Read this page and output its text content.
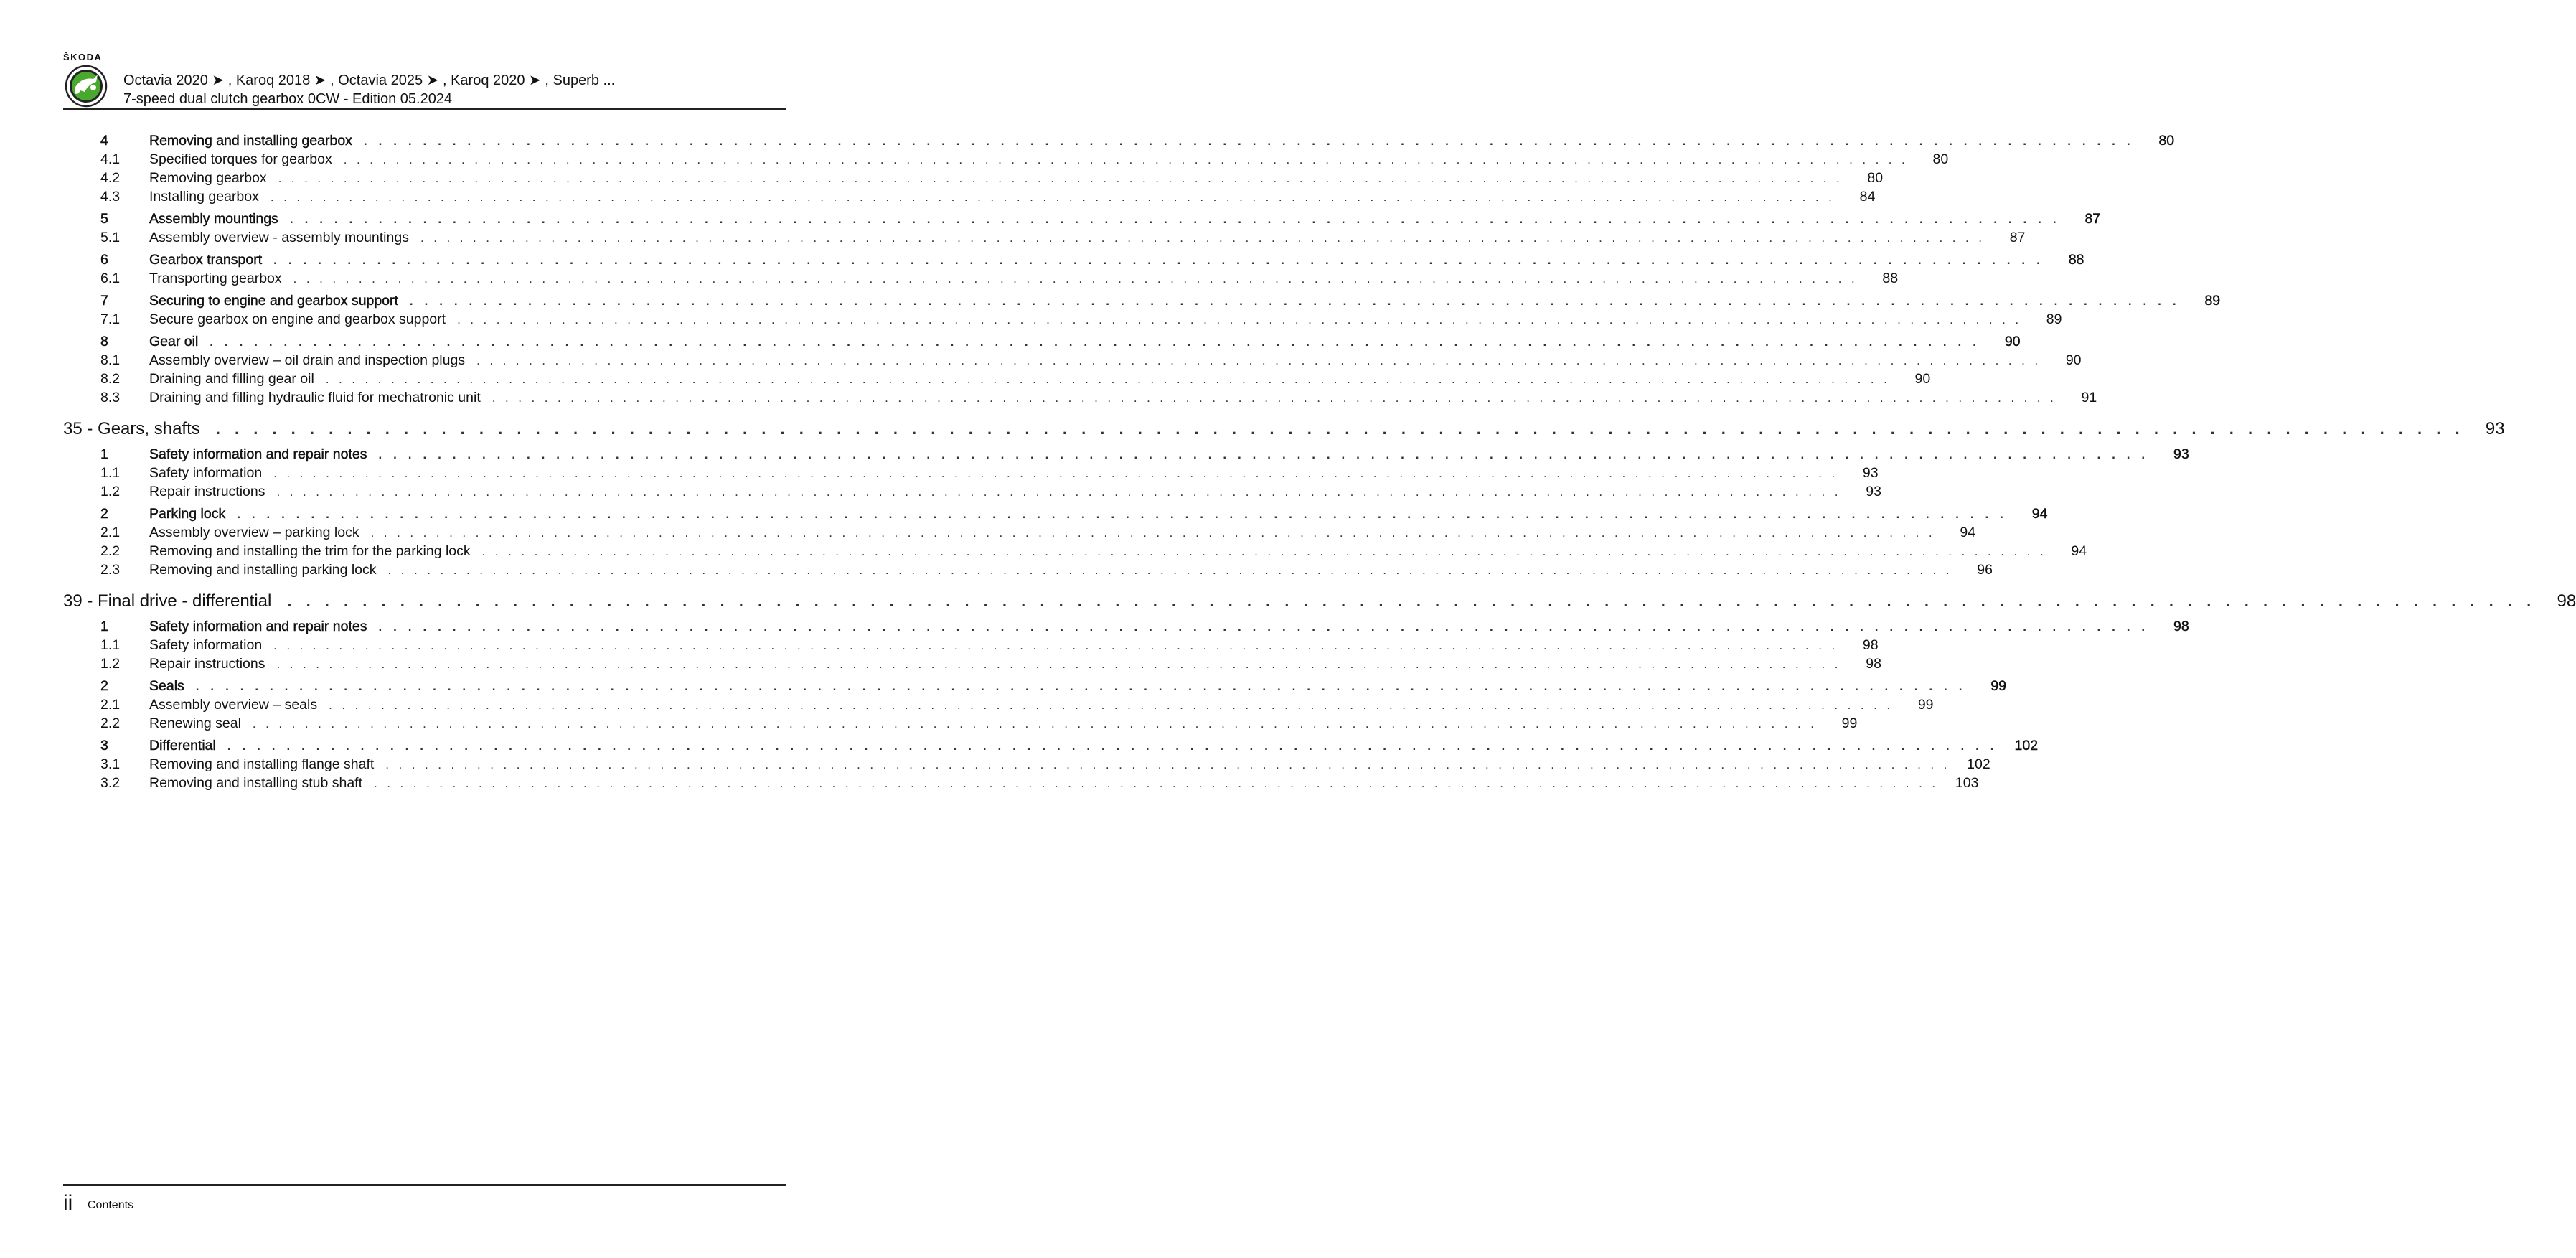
ŠKODA
Octavia 2020 ➤ , Karoq 2018 ➤ , Octavia 2025 ➤ , Karoq 2020 ➤ , Superb ...
7-speed dual clutch gearbox 0CW - Edition 05.2024
4	Removing and installing gearbox . . . . . . . . . . . . . . . . . . . . . . . . . . . . . . . . . . . . . . . . . . . . . . . . . . . . . . . . . . . . . . . . . . . . . . . . . . . . . . . . . . . . . . . . . . . . . . . . . . . . . . . . . . . . . . . . . . . . . . . .	80
4.1	Specified torques for gearbox . . . . . . . . . . . . . . . . . . . . . . . . . . . . . . . . . . . . . . . . . . . . . . . . . . . . . . . . . . . . . . . . . . . . . . . . . . . . . . . . . . . . . . . . . . . . . . . . . . . . . . . . . . . . . . . . . . . . . . . .	80
4.2	Removing gearbox . . . . . . . . . . . . . . . . . . . . . . . . . . . . . . . . . . . . . . . . . . . . . . . . . . . . . . . . . . . . . . . . . . . . . . . . . . . . . . . . . . . . . . . . . . . . . . . . . . . . . . . . . . . . . . . . . . . . . . . .	80
4.3	Installing gearbox . . . . . . . . . . . . . . . . . . . . . . . . . . . . . . . . . . . . . . . . . . . . . . . . . . . . . . . . . . . . . . . . . . . . . . . . . . . . . . . . . . . . . . . . . . . . . . . . . . . . . . . . . . . . . . . . . . . . . . . .	84
5	Assembly mountings . . . . . . . . . . . . . . . . . . . . . . . . . . . . . . . . . . . . . . . . . . . . . . . . . . . . . . . . . . . . . . . . . . . . . . . . . . . . . . . . . . . . . . . . . . . . . . . . . . . . . . . . . . . . . . . . . . . . . . . .	87
5.1	Assembly overview - assembly mountings . . . . . . . . . . . . . . . . . . . . . . . . . . . . . . . . . . . . . . . . . . . . . . . . . . . . . . . . . . . . . . . . . . . . . . . . . . . . . . . . . . . . . . . . . . . . . . . . . . . . . . . . . . . . . . . . . . . . . . . .	87
6	Gearbox transport . . . . . . . . . . . . . . . . . . . . . . . . . . . . . . . . . . . . . . . . . . . . . . . . . . . . . . . . . . . . . . . . . . . . . . . . . . . . . . . . . . . . . . . . . . . . . . . . . . . . . . . . . . . . . . . . . . . . . . . .	88
6.1	Transporting gearbox . . . . . . . . . . . . . . . . . . . . . . . . . . . . . . . . . . . . . . . . . . . . . . . . . . . . . . . . . . . . . . . . . . . . . . . . . . . . . . . . . . . . . . . . . . . . . . . . . . . . . . . . . . . . . . . . . . . . . . . .	88
7	Securing to engine and gearbox support . . . . . . . . . . . . . . . . . . . . . . . . . . . . . . . . . . . . . . . . . . . . . . . . . . . . . . . . . . . . . . . . . . . . . . . . . . . . . . . . . . . . . . . . . . . . . . . . . . . . . . . . . . . . . . . . . . . . . . . .	89
7.1	Secure gearbox on engine and gearbox support . . . . . . . . . . . . . . . . . . . . . . . . . . . . . . . . . . . . . . . . . . . . . . . . . . . . . . . . . . . . . . . . . . . . . . . . . . . . . . . . . . . . . . . . . . . . . . . . . . . . . . . . . . . . . . . . . . . . . . . .	89
8	Gear oil . . . . . . . . . . . . . . . . . . . . . . . . . . . . . . . . . . . . . . . . . . . . . . . . . . . . . . . . . . . . . . . . . . . . . . . . . . . . . . . . . . . . . . . . . . . . . . . . . . . . . . . . . . . . . . . . . . . . . . . .	90
8.1	Assembly overview – oil drain and inspection plugs . . . . . . . . . . . . . . . . . . . . . . . . . . . . . . . . . . . . . . . . . . . . . . . . . . . . . . . . . . . . . . . . . . . . . . . . . . . . . . . . . . . . . . . . . . . . . . . . . . . . . . . . . . . . . . . . . . . . . . . .	90
8.2	Draining and filling gear oil . . . . . . . . . . . . . . . . . . . . . . . . . . . . . . . . . . . . . . . . . . . . . . . . . . . . . . . . . . . . . . . . . . . . . . . . . . . . . . . . . . . . . . . . . . . . . . . . . . . . . . . . . . . . . . . . . . . . . . . .	90
8.3	Draining and filling hydraulic fluid for mechatronic unit . . . . . . . . . . . . . . . . . . . . . . . . . . . . . . . . . . . . . . . . . . . . . . . . . . . . . . . . . . . . . . . . . . . . . . . . . . . . . . . . . . . . . . . . . . . . . . . . . . . . . . . . . . . . . . . . . . . . . . . .	91
35 - Gears, shafts . . . . . . . . . . . . . . . . . . . . . . . . . . . . . . . . . . . . . . . . . . . . . . . . . . . . . . . . . . . . . . . . . . . . . . . . . . . . . . . . . . . . . . . . . . . . . . . . . . . . . . . . . . . . . . . . . . . . . . . .	93
1	Safety information and repair notes . . . . . . . . . . . . . . . . . . . . . . . . . . . . . . . . . . . . . . . . . . . . . . . . . . . . . . . . . . . . . . . . . . . . . . . . . . . . . . . . . . . . . . . . . . . . . . . . . . . . . . . . . . . . . . . . . . . . . . . .	93
1.1	Safety information . . . . . . . . . . . . . . . . . . . . . . . . . . . . . . . . . . . . . . . . . . . . . . . . . . . . . . . . . . . . . . . . . . . . . . . . . . . . . . . . . . . . . . . . . . . . . . . . . . . . . . . . . . . . . . . . . . . . . . . .	93
1.2	Repair instructions . . . . . . . . . . . . . . . . . . . . . . . . . . . . . . . . . . . . . . . . . . . . . . . . . . . . . . . . . . . . . . . . . . . . . . . . . . . . . . . . . . . . . . . . . . . . . . . . . . . . . . . . . . . . . . . . . . . . . . . .	93
2	Parking lock . . . . . . . . . . . . . . . . . . . . . . . . . . . . . . . . . . . . . . . . . . . . . . . . . . . . . . . . . . . . . . . . . . . . . . . . . . . . . . . . . . . . . . . . . . . . . . . . . . . . . . . . . . . . . . . . . . . . . . . .	94
2.1	Assembly overview – parking lock . . . . . . . . . . . . . . . . . . . . . . . . . . . . . . . . . . . . . . . . . . . . . . . . . . . . . . . . . . . . . . . . . . . . . . . . . . . . . . . . . . . . . . . . . . . . . . . . . . . . . . . . . . . . . . . . . . . . . . . .	94
2.2	Removing and installing the trim for the parking lock . . . . . . . . . . . . . . . . . . . . . . . . . . . . . . . . . . . . . . . . . . . . . . . . . . . . . . . . . . . . . . . . . . . . . . . . . . . . . . . . . . . . . . . . . . . . . . . . . . . . . . . . . . . . . . . . . . . . . . . .	94
2.3	Removing and installing parking lock . . . . . . . . . . . . . . . . . . . . . . . . . . . . . . . . . . . . . . . . . . . . . . . . . . . . . . . . . . . . . . . . . . . . . . . . . . . . . . . . . . . . . . . . . . . . . . . . . . . . . . . . . . . . . . . . . . . . . . . .	96
39 - Final drive - differential . . . . . . . . . . . . . . . . . . . . . . . . . . . . . . . . . . . . . . . . . . . . . . . . . . . . . . . . . . . . . . . . . . . . . . . . . . . . . . . . . . . . . . . . . . . . . . . . . . . . . . . . . . . . . . . . . . . . . . . .	98
1	Safety information and repair notes . . . . . . . . . . . . . . . . . . . . . . . . . . . . . . . . . . . . . . . . . . . . . . . . . . . . . . . . . . . . . . . . . . . . . . . . . . . . . . . . . . . . . . . . . . . . . . . . . . . . . . . . . . . . . . . . . . . . . . . .	98
1.1	Safety information . . . . . . . . . . . . . . . . . . . . . . . . . . . . . . . . . . . . . . . . . . . . . . . . . . . . . . . . . . . . . . . . . . . . . . . . . . . . . . . . . . . . . . . . . . . . . . . . . . . . . . . . . . . . . . . . . . . . . . . .	98
1.2	Repair instructions . . . . . . . . . . . . . . . . . . . . . . . . . . . . . . . . . . . . . . . . . . . . . . . . . . . . . . . . . . . . . . . . . . . . . . . . . . . . . . . . . . . . . . . . . . . . . . . . . . . . . . . . . . . . . . . . . . . . . . . .	98
2	Seals . . . . . . . . . . . . . . . . . . . . . . . . . . . . . . . . . . . . . . . . . . . . . . . . . . . . . . . . . . . . . . . . . . . . . . . . . . . . . . . . . . . . . . . . . . . . . . . . . . . . . . . . . . . . . . . . . . . . . . . .	99
2.1	Assembly overview – seals . . . . . . . . . . . . . . . . . . . . . . . . . . . . . . . . . . . . . . . . . . . . . . . . . . . . . . . . . . . . . . . . . . . . . . . . . . . . . . . . . . . . . . . . . . . . . . . . . . . . . . . . . . . . . . . . . . . . . . . .	99
2.2	Renewing seal . . . . . . . . . . . . . . . . . . . . . . . . . . . . . . . . . . . . . . . . . . . . . . . . . . . . . . . . . . . . . . . . . . . . . . . . . . . . . . . . . . . . . . . . . . . . . . . . . . . . . . . . . . . . . . . . . . . . . . . .	99
3	Differential . . . . . . . . . . . . . . . . . . . . . . . . . . . . . . . . . . . . . . . . . . . . . . . . . . . . . . . . . . . . . . . . . . . . . . . . . . . . . . . . . . . . . . . . . . . . . . . . . . . . . . . . . . . . . . . . . . . . . . . .	102
3.1	Removing and installing flange shaft . . . . . . . . . . . . . . . . . . . . . . . . . . . . . . . . . . . . . . . . . . . . . . . . . . . . . . . . . . . . . . . . . . . . . . . . . . . . . . . . . . . . . . . . . . . . . . . . . . . . . . . . . . . . . . . . . . . . . . . .	102
3.2	Removing and installing stub shaft . . . . . . . . . . . . . . . . . . . . . . . . . . . . . . . . . . . . . . . . . . . . . . . . . . . . . . . . . . . . . . . . . . . . . . . . . . . . . . . . . . . . . . . . . . . . . . . . . . . . . . . . . . . . . . . . . . . . . . . .	103
ii Contents
